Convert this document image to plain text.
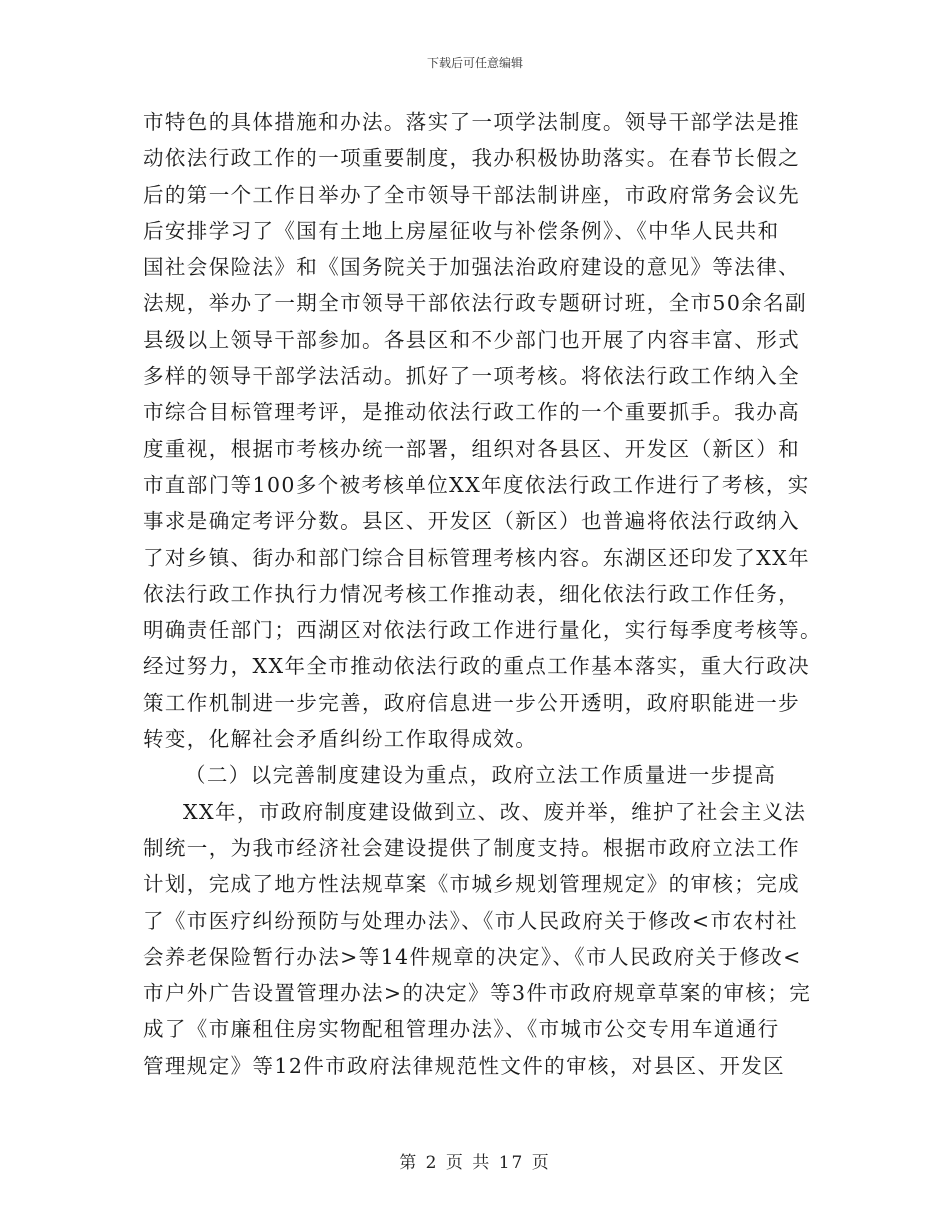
下载后可任意编辑
市特色的具体措施和办法。落实了一项学法制度。领导干部学法是推
动依法行政工作的一项重要制度，我办积极协助落实。在春节长假之
后的第一个工作日举办了全市领导干部法制讲座，市政府常务会议先
后安排学习了《国有土地上房屋征收与补偿条例》、《中华人民共和
国社会保险法》和《国务院关于加强法治政府建设的意见》等法律、
法规，举办了一期全市领导干部依法行政专题研讨班，全市50余名副
县级以上领导干部参加。各县区和不少部门也开展了内容丰富、形式
多样的领导干部学法活动。抓好了一项考核。将依法行政工作纳入全
市综合目标管理考评，是推动依法行政工作的一个重要抓手。我办高
度重视，根据市考核办统一部署，组织对各县区、开发区（新区）和
市直部门等100多个被考核单位XX年度依法行政工作进行了考核，实
事求是确定考评分数。县区、开发区（新区）也普遍将依法行政纳入
了对乡镇、街办和部门综合目标管理考核内容。东湖区还印发了XX年
依法行政工作执行力情况考核工作推动表，细化依法行政工作任务，
明确责任部门；西湖区对依法行政工作进行量化，实行每季度考核等。
经过努力，XX年全市推动依法行政的重点工作基本落实，重大行政决
策工作机制进一步完善，政府信息进一步公开透明，政府职能进一步
转变，化解社会矛盾纠纷工作取得成效。
（二）以完善制度建设为重点，政府立法工作质量进一步提高
XX年，市政府制度建设做到立、改、废并举，维护了社会主义法
制统一，为我市经济社会建设提供了制度支持。根据市政府立法工作
计划，完成了地方性法规草案《市城乡规划管理规定》的审核；完成
了《市医疗纠纷预防与处理办法》、《市人民政府关于修改<市农村社
会养老保险暂行办法>等14件规章的决定》、《市人民政府关于修改<
市户外广告设置管理办法>的决定》等3件市政府规章草案的审核；完
成了《市廉租住房实物配租管理办法》、《市城市公交专用车道通行
管理规定》等12件市政府法律规范性文件的审核，对县区、开发区
第 2 页 共 17 页
